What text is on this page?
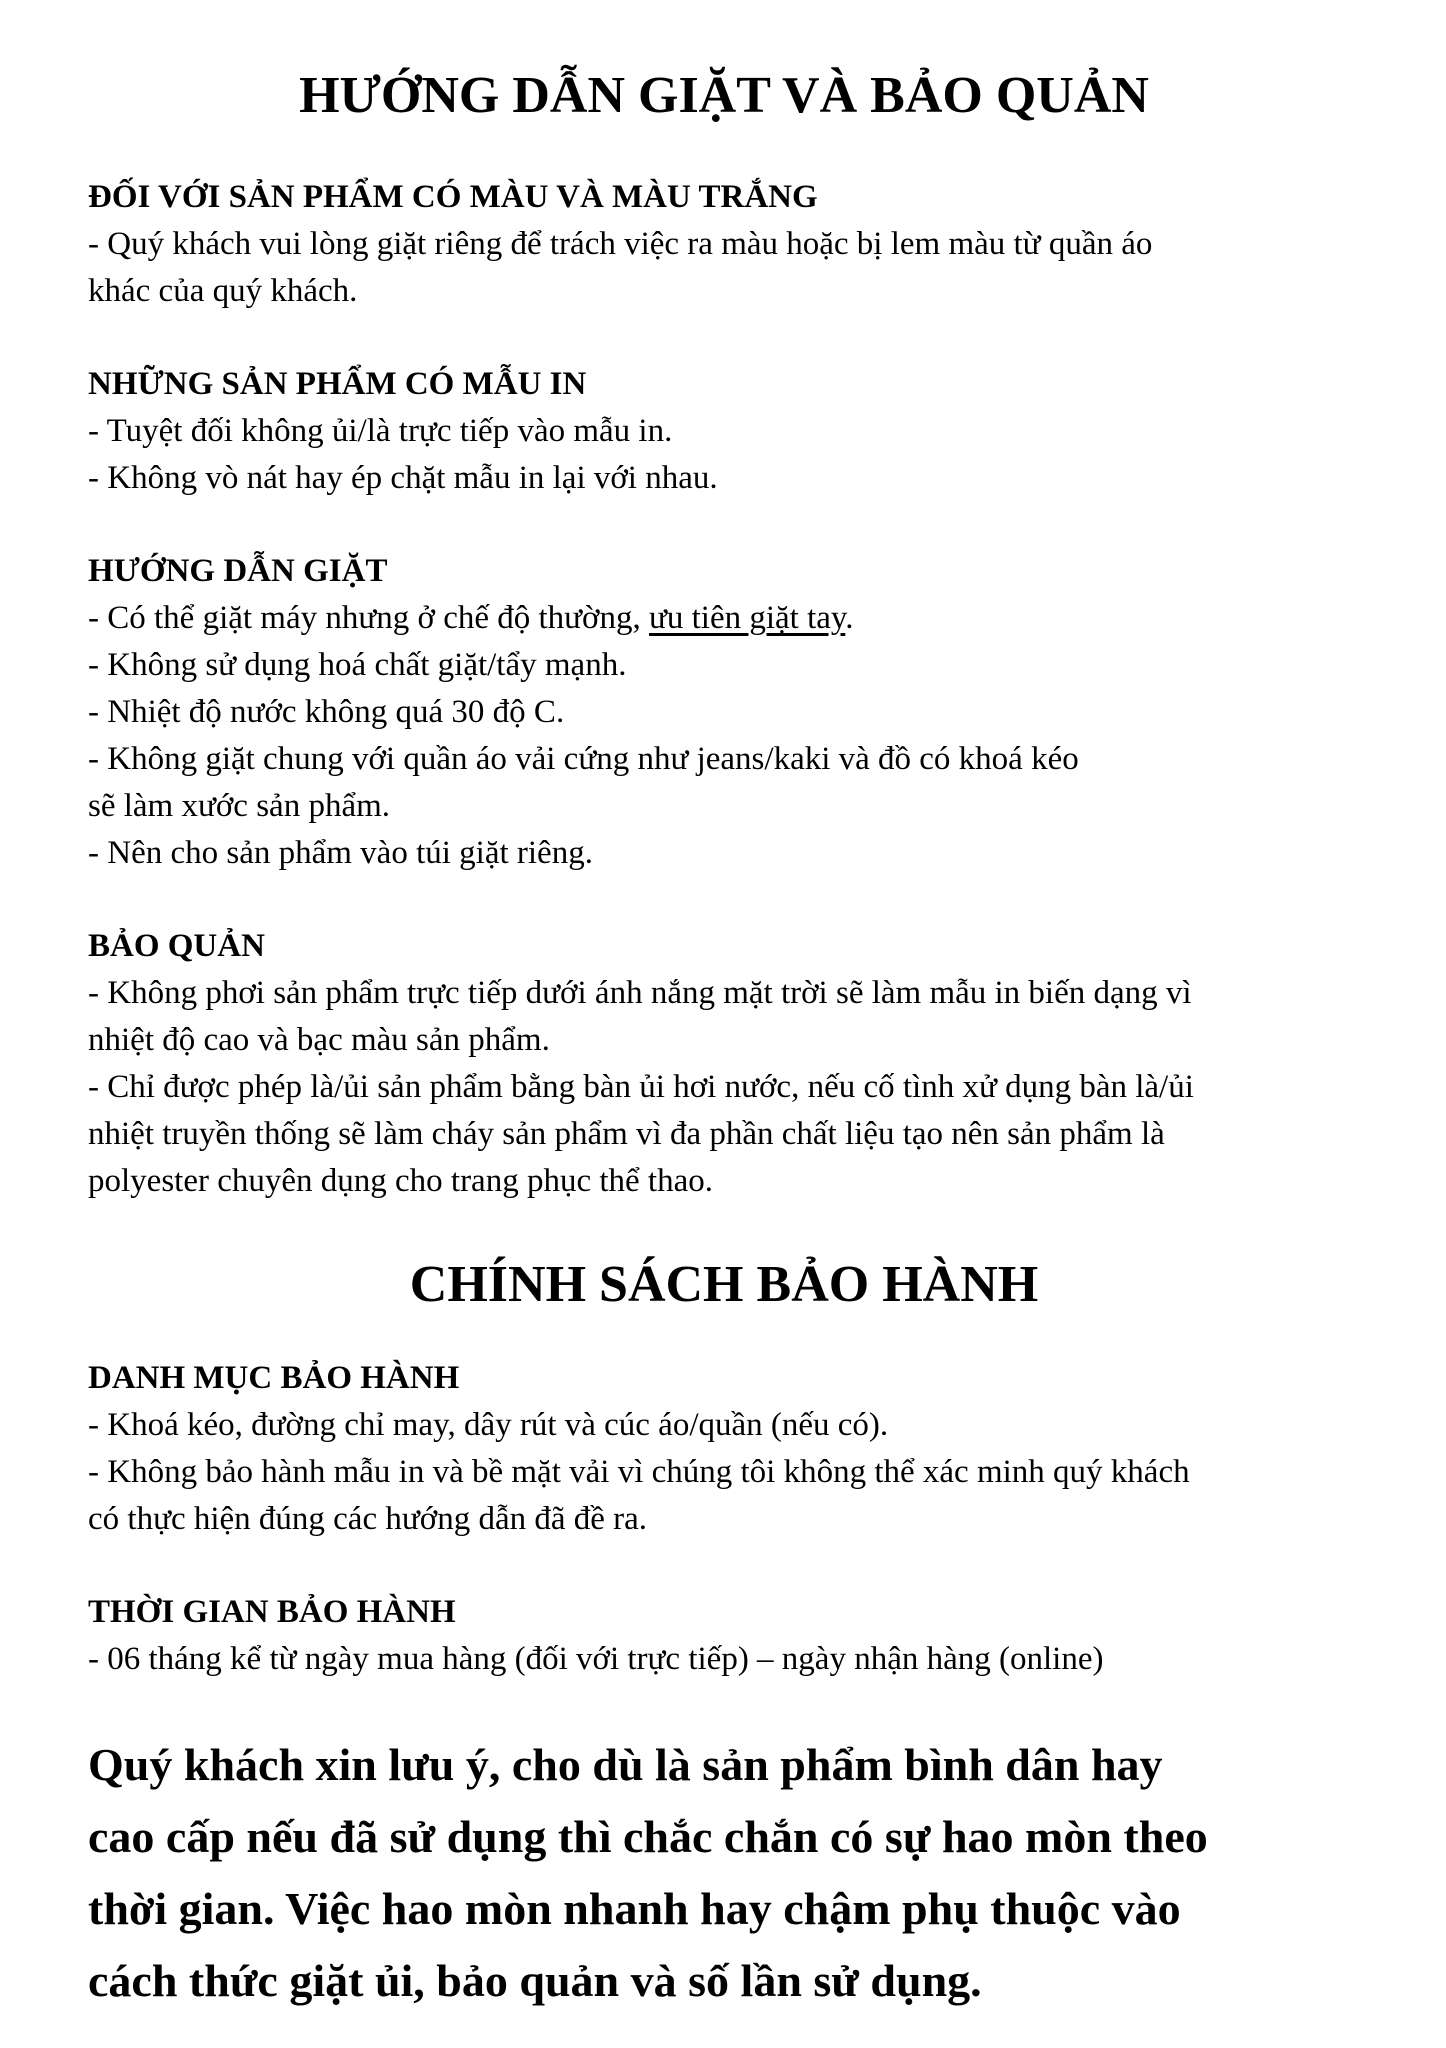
HƯỚNG DẪN GIẶT VÀ BẢO QUẢN
ĐỐI VỚI SẢN PHẨM CÓ MÀU VÀ MÀU TRẮNG

- Quý khách vui lòng giặt riêng để trách việc ra màu hoặc bị lem màu từ quần áo

khác của quý khách.

NHỮNG SẢN PHẨM CÓ MẪU IN

- Tuyệt đối không ủi/là trực tiếp vào mẫu in.

- Không vò nát hay ép chặt mẫu in lại với nhau.

HƯỚNG DẪN GIẶT

- Có thể giặt máy nhưng ở chế độ thường, ưu tiên giặt tay.

- Không sử dụng hoá chất giặt/tẩy mạnh.

- Nhiệt độ nước không quá 30 độ C.

- Không giặt chung với quần áo vải cứng như jeans/kaki và đồ có khoá kéo

sẽ làm xước sản phẩm.

- Nên cho sản phẩm vào túi giặt riêng.

BẢO QUẢN

- Không phơi sản phẩm trực tiếp dưới ánh nắng mặt trời sẽ làm mẫu in biến dạng vì

nhiệt độ cao và bạc màu sản phẩm.

- Chỉ được phép là/ủi sản phẩm bằng bàn ủi hơi nước, nếu cố tình xử dụng bàn là/ủi

nhiệt truyền thống sẽ làm cháy sản phẩm vì đa phần chất liệu tạo nên sản phẩm là

polyester chuyên dụng cho trang phục thể thao.

CHÍNH SÁCH BẢO HÀNH
DANH MỤC BẢO HÀNH

- Khoá kéo, đường chỉ may, dây rút và cúc áo/quần (nếu có).

- Không bảo hành mẫu in và bề mặt vải vì chúng tôi không thể xác minh quý khách

có thực hiện đúng các hướng dẫn đã đề ra.

THỜI GIAN BẢO HÀNH

- 06 tháng kể từ ngày mua hàng (đối với trực tiếp) – ngày nhận hàng (online)

Quý khách xin lưu ý, cho dù là sản phẩm bình dân hay

cao cấp nếu đã sử dụng thì chắc chắn có sự hao mòn theo

thời gian. Việc hao mòn nhanh hay chậm phụ thuộc vào

cách thức giặt ủi, bảo quản và số lần sử dụng.
